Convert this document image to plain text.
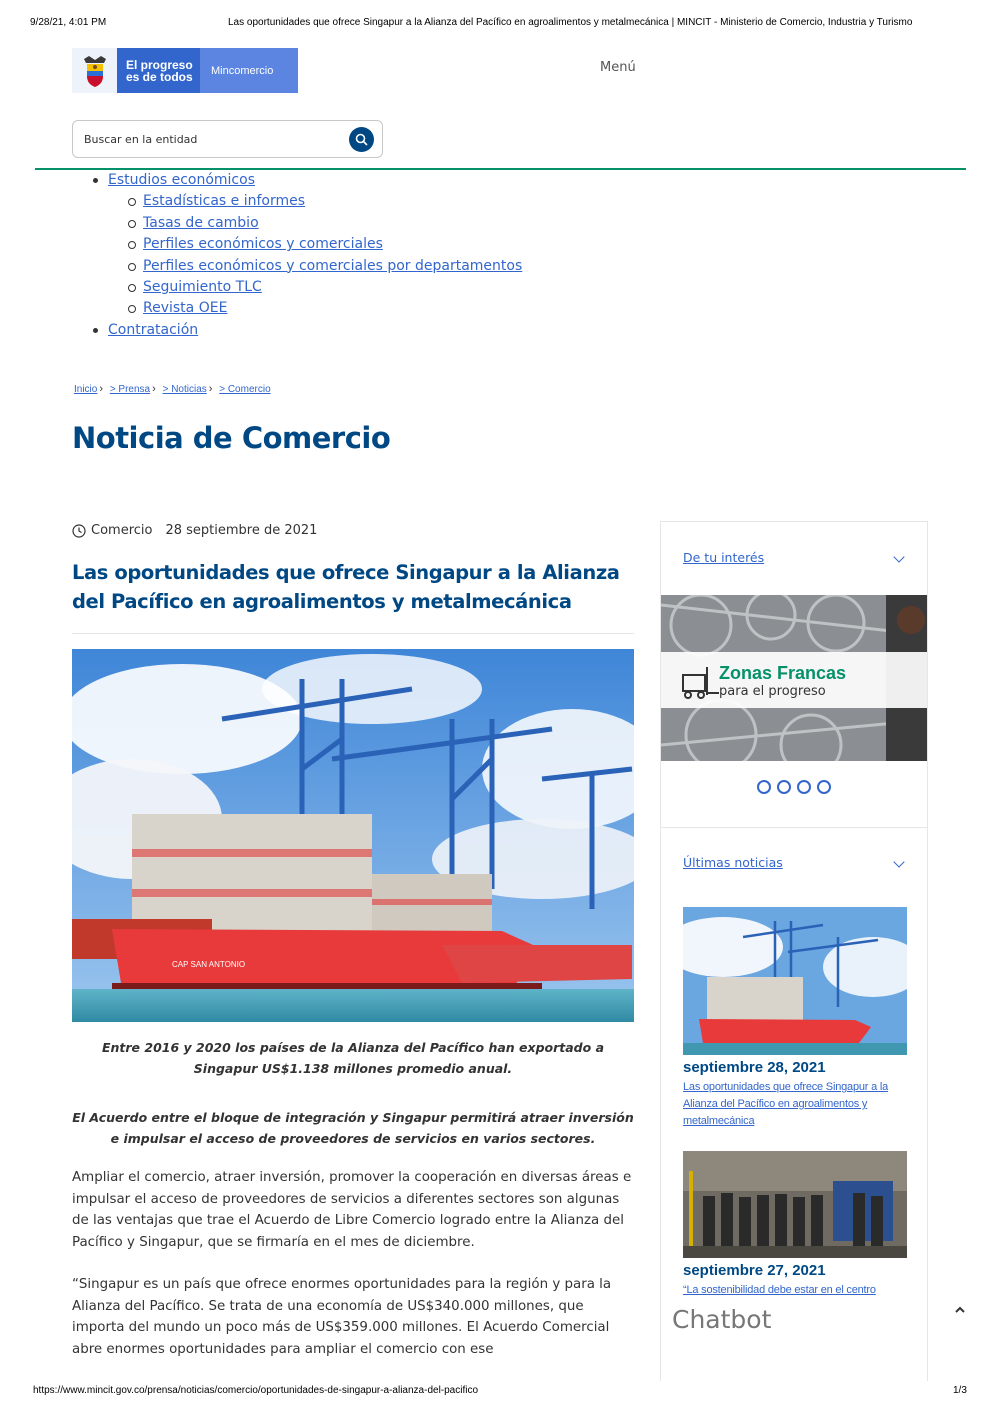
9/28/21, 4:01 PM	Las oportunidades que ofrece Singapur a la Alianza del Pacífico en agroalimentos y metalmecánica | MINCIT - Ministerio de Comercio, Industria y Turismo
El progreso
es de todos	Mincomercio	Menú
Buscar en la entidad
Estudios económicos
Estadísticas e informes
Tasas de cambio
Perfiles económicos y comerciales
Perfiles económicos y comerciales por departamentos
Seguimiento TLC
Revista OEE
Contratación
Inicio › > Prensa › > Noticias › > Comercio
Noticia de Comercio
Comercio 28 septiembre de 2021
Las oportunidades que ofrece Singapur a la Alianza del Pacífico en agroalimentos y metalmecánica
CAP SAN ANTONIO
Entre 2016 y 2020 los países de la Alianza del Pacífico han exportado a Singapur US$1.138 millones promedio anual.
El Acuerdo entre el bloque de integración y Singapur permitirá atraer inversión e impulsar el acceso de proveedores de servicios en varios sectores.

Ampliar el comercio, atraer inversión, promover la cooperación en diversas áreas e impulsar el acceso de proveedores de servicios a diferentes sectores son algunas de las ventajas que trae el Acuerdo de Libre Comercio logrado entre la Alianza del Pacífico y Singapur, que se firmaría en el mes de diciembre.

“Singapur es un país que ofrece enormes oportunidades para la región y para la Alianza del Pacífico. Se trata de una economía de US$340.000 millones, que importa del mundo un poco más de US$359.000 millones. El Acuerdo Comercial abre enormes oportunidades para ampliar el comercio con ese

De tu interés
Zonas Francas
para el progreso
Últimas noticias
septiembre 28, 2021
Las oportunidades que ofrece Singapur a la Alianza del Pacífico en agroalimentos y metalmecánica
septiembre 27, 2021
“La sostenibilidad debe estar en el centro
Chatbot
https://www.mincit.gov.co/prensa/noticias/comercio/oportunidades-de-singapur-a-alianza-del-pacifico	1/3
